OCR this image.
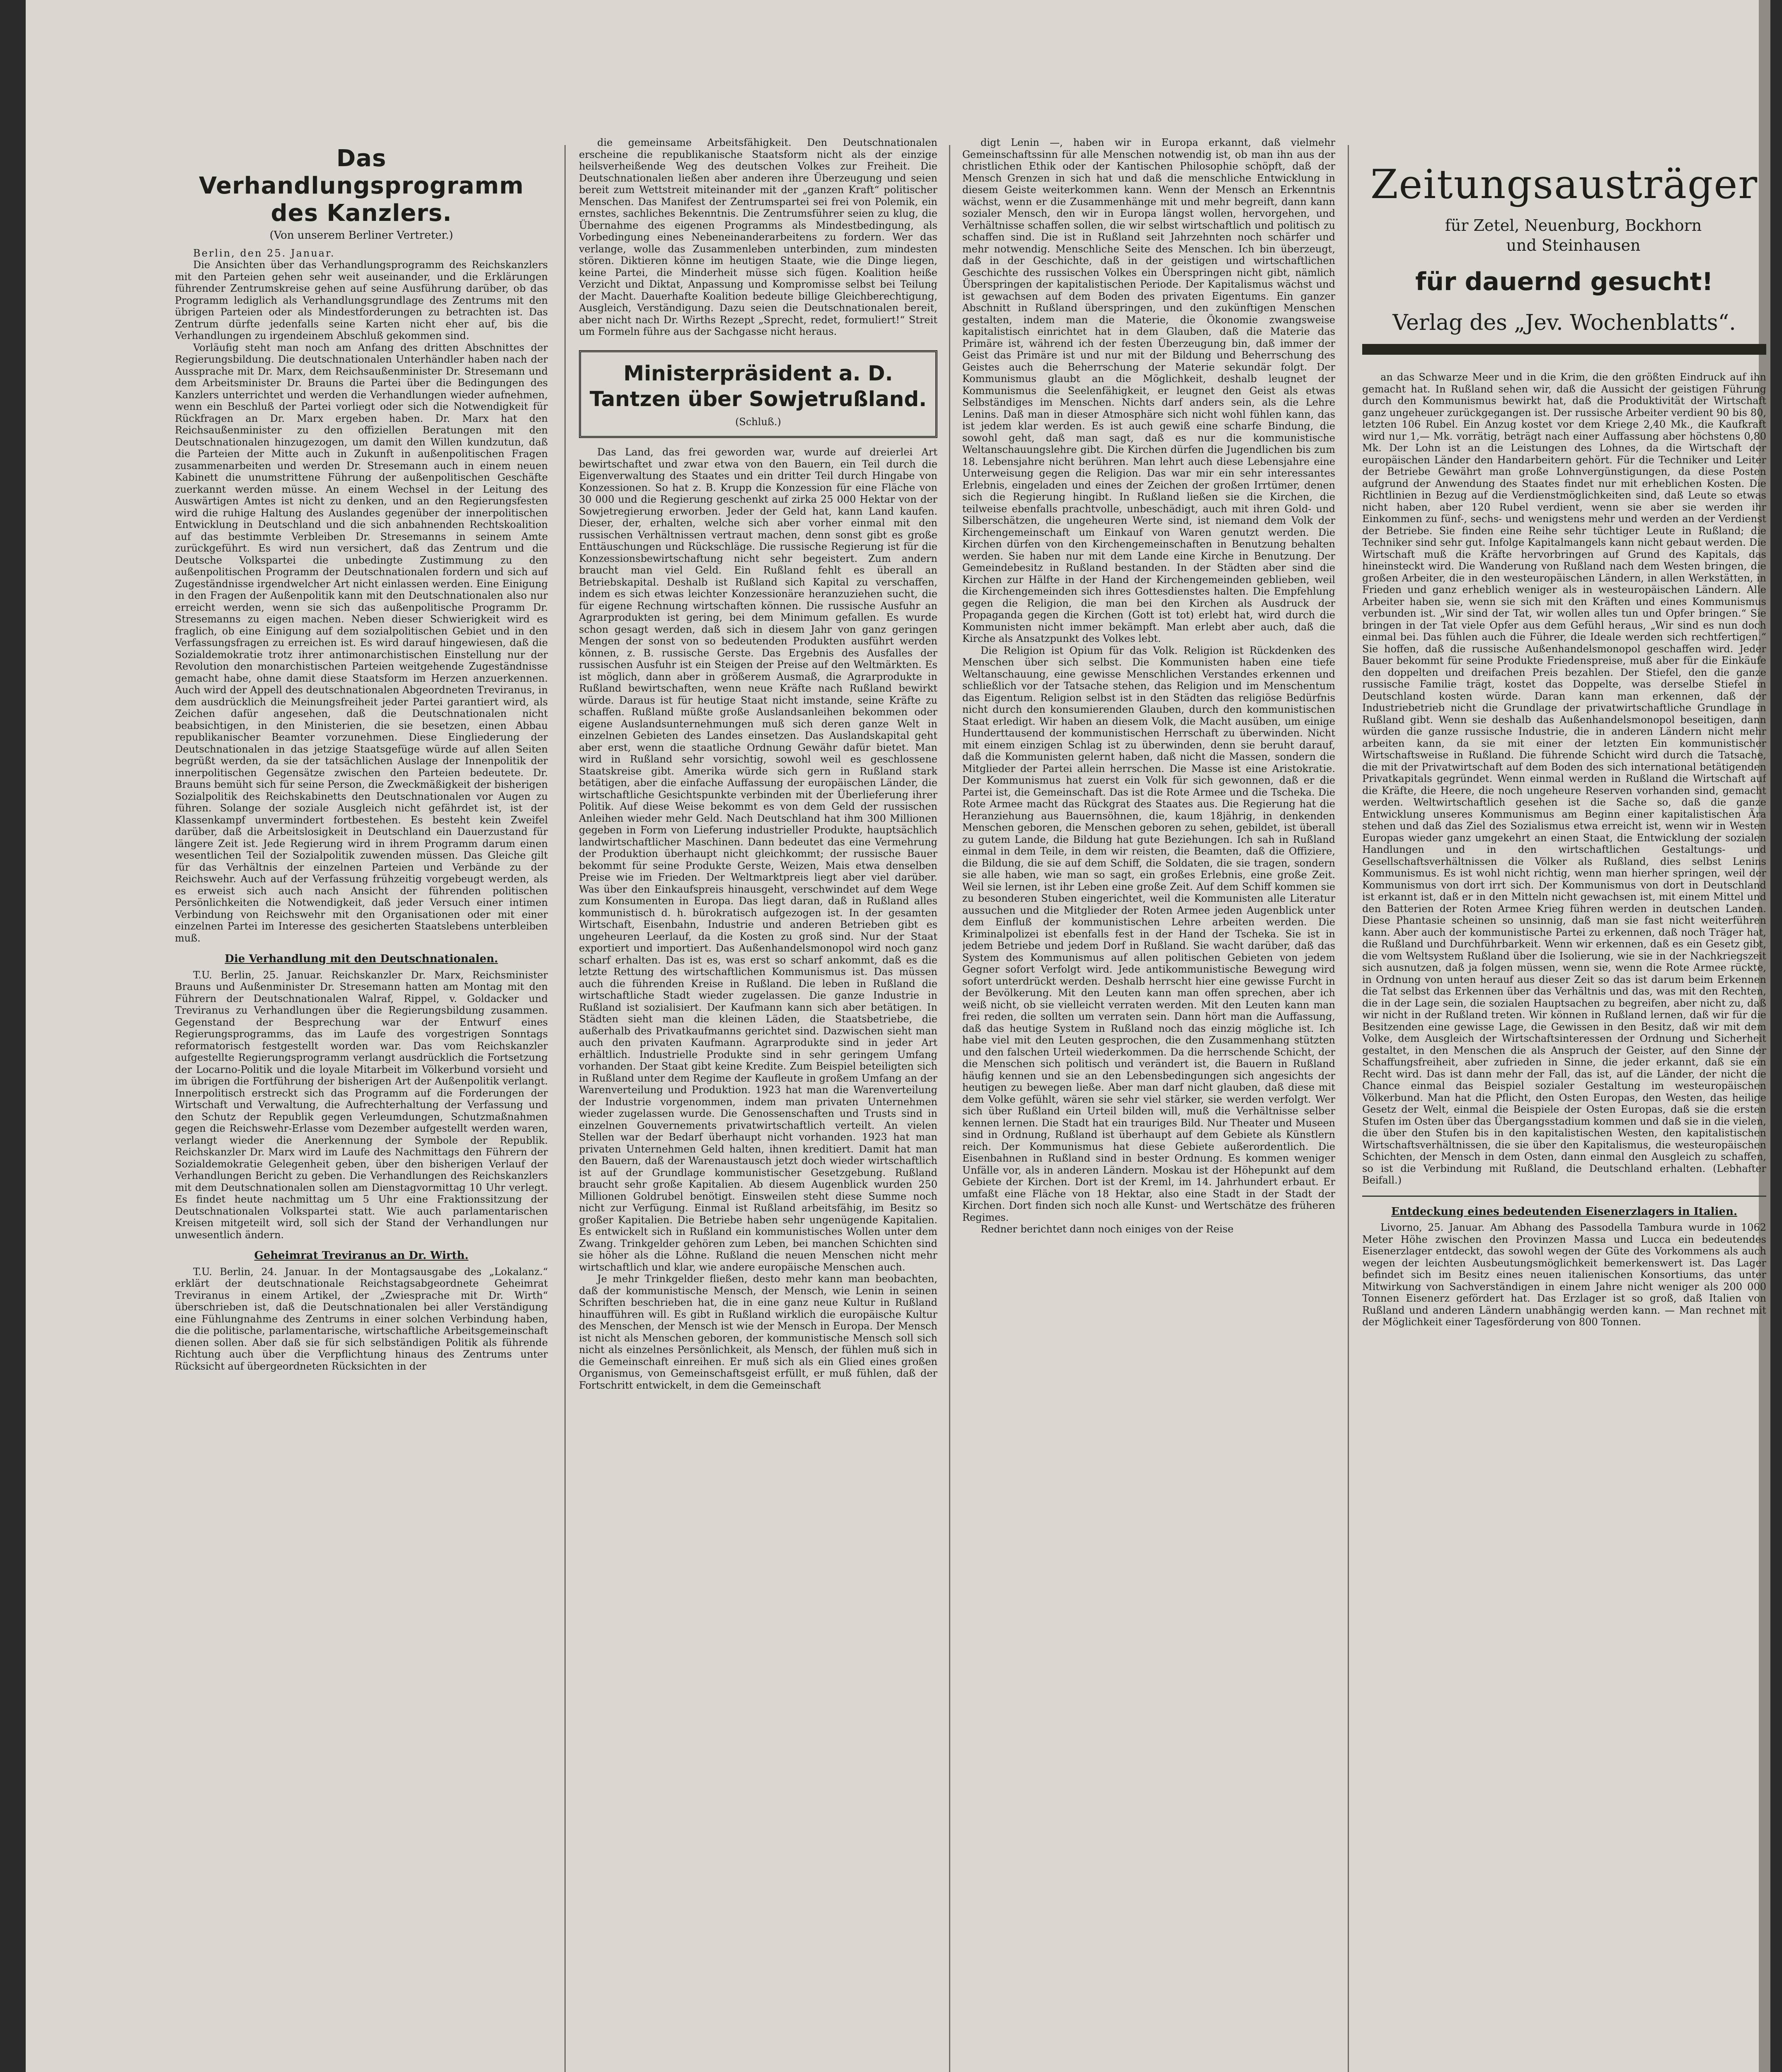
Das Verhandlungsprogramm des Kanzlers.
(Von unserem Berliner Vertreter.)

Berlin, den 25. Januar.

Die Ansichten über das Verhandlungsprogramm des Reichskanzlers mit den Parteien gehen sehr weit auseinander, und die Erklärungen führender Zentrumskreise gehen auf seine Ausführung darüber, ob das Programm lediglich als Verhandlungsgrundlage des Zentrums mit den übrigen Parteien oder als Mindestforderungen zu betrachten ist. Das Zentrum dürfte jedenfalls seine Karten nicht eher auf, bis die Verhandlungen zu irgendeinem Abschluß gekommen sind.

Vorläufig steht man noch am Anfang des dritten Abschnittes der Regierungsbildung. Die deutschnationalen Unterhändler haben nach der Aussprache mit Dr. Marx, dem Reichsaußenminister Dr. Stresemann und dem Arbeitsminister Dr. Brauns die Partei über die Bedingungen des Kanzlers unterrichtet und werden die Verhandlungen wieder aufnehmen, wenn ein Beschluß der Partei vorliegt oder sich die Notwendigkeit für Rückfragen an Dr. Marx ergeben haben. Dr. Marx hat den Reichsaußenminister zu den offiziellen Beratungen mit den Deutschnationalen hinzugezogen, um damit den Willen kundzutun, daß die Parteien der Mitte auch in Zukunft in außenpolitischen Fragen zusammenarbeiten und werden Dr. Stresemann auch in einem neuen Kabinett die unumstrittene Führung der außenpolitischen Geschäfte zuerkannt werden müsse. An einem Wechsel in der Leitung des Auswärtigen Amtes ist nicht zu denken, und an den Regierungsfesten wird die ruhige Haltung des Auslandes gegenüber der innerpolitischen Entwicklung in Deutschland und die sich anbahnenden Rechtskoalition auf das bestimmte Verbleiben Dr. Stresemanns in seinem Amte zurückgeführt. Es wird nun versichert, daß das Zentrum und die Deutsche Volkspartei die unbedingte Zustimmung zu den außenpolitischen Programm der Deutschnationalen fordern und sich auf Zugeständnisse irgendwelcher Art nicht einlassen werden. Eine Einigung in den Fragen der Außenpolitik kann mit den Deutschnationalen also nur erreicht werden, wenn sie sich das außenpolitische Programm Dr. Stresemanns zu eigen machen. Neben dieser Schwierigkeit wird es fraglich, ob eine Einigung auf dem sozialpolitischen Gebiet und in den Verfassungsfragen zu erreichen ist. Es wird darauf hingewiesen, daß die Sozialdemokratie trotz ihrer antimonarchistischen Einstellung nur der Revolution den monarchistischen Parteien weitgehende Zugeständnisse gemacht habe, ohne damit diese Staatsform im Herzen anzuerkennen. Auch wird der Appell des deutschnationalen Abgeordneten Treviranus, in dem ausdrücklich die Meinungsfreiheit jeder Partei garantiert wird, als Zeichen dafür angesehen, daß die Deutschnationalen nicht beabsichtigen, in den Ministerien, die sie besetzen, einen Abbau republikanischer Beamter vorzunehmen. Diese Eingliederung der Deutschnationalen in das jetzige Staatsgefüge würde auf allen Seiten begrüßt werden, da sie der tatsächlichen Auslage der Innenpolitik der innerpolitischen Gegensätze zwischen den Parteien bedeutete. Dr. Brauns bemüht sich für seine Person, die Zweckmäßigkeit der bisherigen Sozialpolitik des Reichskabinetts den Deutschnationalen vor Augen zu führen. Solange der soziale Ausgleich nicht gefährdet ist, ist der Klassenkampf unvermindert fortbestehen. Es besteht kein Zweifel darüber, daß die Arbeitslosigkeit in Deutschland ein Dauerzustand für längere Zeit ist. Jede Regierung wird in ihrem Programm darum einen wesentlichen Teil der Sozialpolitik zuwenden müssen. Das Gleiche gilt für das Verhältnis der einzelnen Parteien und Verbände zu der Reichswehr. Auch auf der Verfassung frühzeitig vorgebeugt werden, als es erweist sich auch nach Ansicht der führenden politischen Persönlichkeiten die Notwendigkeit, daß jeder Versuch einer intimen Verbindung von Reichswehr mit den Organisationen oder mit einer einzelnen Partei im Interesse des gesicherten Staatslebens unterbleiben muß.

Die Verhandlung mit den Deutschnationalen.

T.U. Berlin, 25. Januar. Reichskanzler Dr. Marx, Reichsminister Brauns und Außenminister Dr. Stresemann hatten am Montag mit den Führern der Deutschnationalen Walraf, Rippel, v. Goldacker und Treviranus zu Verhandlungen über die Regierungsbildung zusammen. Gegenstand der Besprechung war der Entwurf eines Regierungsprogramms, das im Laufe des vorgestrigen Sonntags reformatorisch festgestellt worden war. Das vom Reichskanzler aufgestellte Regierungsprogramm verlangt ausdrücklich die Fortsetzung der Locarno-Politik und die loyale Mitarbeit im Völkerbund vorsieht und im übrigen die Fortführung der bisherigen Art der Außenpolitik verlangt. Innerpolitisch erstreckt sich das Programm auf die Forderungen der Wirtschaft und Verwaltung, die Aufrechterhaltung der Verfassung und den Schutz der Republik gegen Verleumdungen, Schutzmaßnahmen gegen die Reichswehr-Erlasse vom Dezember aufgestellt werden waren, verlangt wieder die Anerkennung der Symbole der Republik. Reichskanzler Dr. Marx wird im Laufe des Nachmittags den Führern der Sozialdemokratie Gelegenheit geben, über den bisherigen Verlauf der Verhandlungen Bericht zu geben. Die Verhandlungen des Reichskanzlers mit dem Deutschnationalen sollen am Dienstagvormittag 10 Uhr verlegt. Es findet heute nachmittag um 5 Uhr eine Fraktionssitzung der Deutschnationalen Volkspartei statt. Wie auch parlamentarischen Kreisen mitgeteilt wird, soll sich der Stand der Verhandlungen nur unwesentlich ändern.

Geheimrat Treviranus an Dr. Wirth.

T.U. Berlin, 24. Januar. In der Montagsausgabe des „Lokalanz.“ erklärt der deutschnationale Reichstagsabgeordnete Geheimrat Treviranus in einem Artikel, der „Zwiesprache mit Dr. Wirth“ überschrieben ist, daß die Deutschnationalen bei aller Verständigung eine Fühlungnahme des Zentrums in einer solchen Verbindung haben, die die politische, parlamentarische, wirtschaftliche Arbeitsgemeinschaft dienen sollen. Aber daß sie für sich selbständigen Politik als führende Richtung auch über die Verpflichtung hinaus des Zentrums unter Rücksicht auf übergeordneten Rücksichten in der

die gemeinsame Arbeitsfähigkeit. Den Deutschnationalen erscheine die republikanische Staatsform nicht als der einzige heilsverheißende Weg des deutschen Volkes zur Freiheit. Die Deutschnationalen ließen aber anderen ihre Überzeugung und seien bereit zum Wettstreit miteinander mit der „ganzen Kraft“ politischer Menschen. Das Manifest der Zentrumspartei sei frei von Polemik, ein ernstes, sachliches Bekenntnis. Die Zentrumsführer seien zu klug, die Übernahme des eigenen Programms als Mindestbedingung, als Vorbedingung eines Nebeneinanderarbeitens zu fordern. Wer das verlange, wolle das Zusammenleben unterbinden, zum mindesten stören. Diktieren könne im heutigen Staate, wie die Dinge liegen, keine Partei, die Minderheit müsse sich fügen. Koalition heiße Verzicht und Diktat, Anpassung und Kompromisse selbst bei Teilung der Macht. Dauerhafte Koalition bedeute billige Gleichberechtigung, Ausgleich, Verständigung. Dazu seien die Deutschnationalen bereit, aber nicht nach Dr. Wirths Rezept „Sprecht, redet, formuliert!“ Streit um Formeln führe aus der Sachgasse nicht heraus.

Ministerpräsident a. D. Tantzen über Sowjetrußland.
(Schluß.)

Das Land, das frei geworden war, wurde auf dreierlei Art bewirtschaftet und zwar etwa von den Bauern, ein Teil durch die Eigenverwaltung des Staates und ein dritter Teil durch Hingabe von Konzessionen. So hat z. B. Krupp die Konzession für eine Fläche von 30 000 und die Regierung geschenkt auf zirka 25 000 Hektar von der Sowjetregierung erworben. Jeder der Geld hat, kann Land kaufen. Dieser, der, erhalten, welche sich aber vorher einmal mit den russischen Verhältnissen vertraut machen, denn sonst gibt es große Enttäuschungen und Rückschläge. Die russische Regierung ist für die Konzessionsbewirtschaftung nicht sehr begeistert. Zum andern braucht man viel Geld. Ein Rußland fehlt es überall an Betriebskapital. Deshalb ist Rußland sich Kapital zu verschaffen, indem es sich etwas leichter Konzessionäre heranzuziehen sucht, die für eigene Rechnung wirtschaften können. Die russische Ausfuhr an Agrarprodukten ist gering, bei dem Minimum gefallen. Es wurde schon gesagt werden, daß sich in diesem Jahr von ganz geringen Mengen der sonst von so bedeutenden Produkten ausführt werden können, z. B. russische Gerste. Das Ergebnis des Ausfalles der russischen Ausfuhr ist ein Steigen der Preise auf den Weltmärkten. Es ist möglich, dann aber in größerem Ausmaß, die Agrarprodukte in Rußland bewirtschaften, wenn neue Kräfte nach Rußland bewirkt würde. Daraus ist für heutige Staat nicht imstande, seine Kräfte zu schaffen. Rußland müßte große Auslandsanleihen bekommen oder eigene Auslandsunternehmungen muß sich deren ganze Welt in einzelnen Gebieten des Landes einsetzen. Das Auslandskapital geht aber erst, wenn die staatliche Ordnung Gewähr dafür bietet. Man wird in Rußland sehr vorsichtig, sowohl weil es geschlossene Staatskreise gibt. Amerika würde sich gern in Rußland stark betätigen, aber die einfache Auffassung der europäischen Länder, die wirtschaftliche Gesichtspunkte verbinden mit der Überlieferung ihrer Politik. Auf diese Weise bekommt es von dem Geld der russischen Anleihen wieder mehr Geld. Nach Deutschland hat ihm 300 Millionen gegeben in Form von Lieferung industrieller Produkte, hauptsächlich landwirtschaftlicher Maschinen. Dann bedeutet das eine Vermehrung der Produktion überhaupt nicht gleichkommt; der russische Bauer bekommt für seine Produkte Gerste, Weizen, Mais etwa denselben Preise wie im Frieden. Der Weltmarktpreis liegt aber viel darüber. Was über den Einkaufspreis hinausgeht, verschwindet auf dem Wege zum Konsumenten in Europa. Das liegt daran, daß in Rußland alles kommunistisch d. h. bürokratisch aufgezogen ist. In der gesamten Wirtschaft, Eisenbahn, Industrie und anderen Betrieben gibt es ungeheuren Leerlauf, da die Kosten zu groß sind. Nur der Staat exportiert und importiert. Das Außenhandelsmonopol wird noch ganz scharf erhalten. Das ist es, was erst so scharf ankommt, daß es die letzte Rettung des wirtschaftlichen Kommunismus ist. Das müssen auch die führenden Kreise in Rußland. Die leben in Rußland die wirtschaftliche Stadt wieder zugelassen. Die ganze Industrie in Rußland ist sozialisiert. Der Kaufmann kann sich aber betätigen. In Städten sieht man die kleinen Läden, die Staatsbetriebe, die außerhalb des Privatkaufmanns gerichtet sind. Dazwischen sieht man auch den privaten Kaufmann. Agrarprodukte sind in jeder Art erhältlich. Industrielle Produkte sind in sehr geringem Umfang vorhanden. Der Staat gibt keine Kredite. Zum Beispiel beteiligten sich in Rußland unter dem Regime der Kaufleute in großem Umfang an der Warenverteilung und Produktion. 1923 hat man die Warenverteilung der Industrie vorgenommen, indem man privaten Unternehmen wieder zugelassen wurde. Die Genossenschaften und Trusts sind in einzelnen Gouvernements privatwirtschaftlich verteilt. An vielen Stellen war der Bedarf überhaupt nicht vorhanden. 1923 hat man privaten Unternehmen Geld halten, ihnen kreditiert. Damit hat man den Bauern, daß der Warenaustausch jetzt doch wieder wirtschaftlich ist auf der Grundlage kommunistischer Gesetzgebung. Rußland braucht sehr große Kapitalien. Ab diesem Augenblick wurden 250 Millionen Goldrubel benötigt. Einsweilen steht diese Summe noch nicht zur Verfügung. Einmal ist Rußland arbeitsfähig, im Besitz so großer Kapitalien. Die Betriebe haben sehr ungenügende Kapitalien. Es entwickelt sich in Rußland ein kommunistisches Wollen unter dem Zwang. Trinkgelder gehören zum Leben, bei manchen Schichten sind sie höher als die Löhne. Rußland die neuen Menschen nicht mehr wirtschaftlich und klar, wie andere europäische Menschen auch.

Je mehr Trinkgelder fließen, desto mehr kann man beobachten, daß der kommunistische Mensch, der Mensch, wie Lenin in seinen Schriften beschrieben hat, die in eine ganz neue Kultur in Rußland hinaufführen will. Es gibt in Rußland wirklich die europäische Kultur des Menschen, der Mensch ist wie der Mensch in Europa. Der Mensch ist nicht als Menschen geboren, der kommunistische Mensch soll sich nicht als einzelnes Persönlichkeit, als Mensch, der fühlen muß sich in die Gemeinschaft einreihen. Er muß sich als ein Glied eines großen Organismus, von Gemeinschaftsgeist erfüllt, er muß fühlen, daß der Fortschritt entwickelt, in dem die Gemeinschaft

digt Lenin —, haben wir in Europa erkannt, daß vielmehr Gemeinschaftssinn für alle Menschen notwendig ist, ob man ihn aus der christlichen Ethik oder der Kantischen Philosophie schöpft, daß der Mensch Grenzen in sich hat und daß die menschliche Entwicklung in diesem Geiste weiterkommen kann. Wenn der Mensch an Erkenntnis wächst, wenn er die Zusammenhänge mit und mehr begreift, dann kann sozialer Mensch, den wir in Europa längst wollen, hervorgehen, und Verhältnisse schaffen sollen, die wir selbst wirtschaftlich und politisch zu schaffen sind. Die ist in Rußland seit Jahrzehnten noch schärfer und mehr notwendig. Menschliche Seite des Menschen. Ich bin überzeugt, daß in der Geschichte, daß in der geistigen und wirtschaftlichen Geschichte des russischen Volkes ein Überspringen nicht gibt, nämlich Überspringen der kapitalistischen Periode. Der Kapitalismus wächst und ist gewachsen auf dem Boden des privaten Eigentums. Ein ganzer Abschnitt in Rußland überspringen, und den zukünftigen Menschen gestalten, indem man die Materie, die Ökonomie zwangsweise kapitalistisch einrichtet hat in dem Glauben, daß die Materie das Primäre ist, während ich der festen Überzeugung bin, daß immer der Geist das Primäre ist und nur mit der Bildung und Beherrschung des Geistes auch die Beherrschung der Materie sekundär folgt. Der Kommunismus glaubt an die Möglichkeit, deshalb leugnet der Kommunismus die Seelenfähigkeit, er leugnet den Geist als etwas Selbständiges im Menschen. Nichts darf anders sein, als die Lehre Lenins. Daß man in dieser Atmosphäre sich nicht wohl fühlen kann, das ist jedem klar werden. Es ist auch gewiß eine scharfe Bindung, die sowohl geht, daß man sagt, daß es nur die kommunistische Weltanschauungslehre gibt. Die Kirchen dürfen die Jugendlichen bis zum 18. Lebensjahre nicht berühren. Man lehrt auch diese Lebensjahre eine Unterweisung gegen die Religion. Das war mir ein sehr interessantes Erlebnis, eingeladen und eines der Zeichen der großen Irrtümer, denen sich die Regierung hingibt. In Rußland ließen sie die Kirchen, die teilweise ebenfalls prachtvolle, unbeschädigt, auch mit ihren Gold- und Silberschätzen, die ungeheuren Werte sind, ist niemand dem Volk der Kirchengemeinschaft um Einkauf von Waren genutzt werden. Die Kirchen dürfen von den Kirchengemeinschaften in Benutzung behalten werden. Sie haben nur mit dem Lande eine Kirche in Benutzung. Der Gemeindebesitz in Rußland bestanden. In der Städten aber sind die Kirchen zur Hälfte in der Hand der Kirchengemeinden geblieben, weil die Kirchengemeinden sich ihres Gottesdienstes halten. Die Empfehlung gegen die Religion, die man bei den Kirchen als Ausdruck der Propaganda gegen die Kirchen (Gott ist tot) erlebt hat, wird durch die Kommunisten nicht immer bekämpft. Man erlebt aber auch, daß die Kirche als Ansatzpunkt des Volkes lebt.

Die Religion ist Opium für das Volk. Religion ist Rückdenken des Menschen über sich selbst. Die Kommunisten haben eine tiefe Weltanschauung, eine gewisse Menschlichen Verstandes erkennen und schließlich vor der Tatsache stehen, das Religion und im Menschentum das Eigentum. Religion selbst ist in den Städten das religiöse Bedürfnis nicht durch den konsumierenden Glauben, durch den kommunistischen Staat erledigt. Wir haben an diesem Volk, die Macht ausüben, um einige Hunderttausend der kommunistischen Herrschaft zu überwinden. Nicht mit einem einzigen Schlag ist zu überwinden, denn sie beruht darauf, daß die Kommunisten gelernt haben, daß nicht die Massen, sondern die Mitglieder der Partei allein herrschen. Die Masse ist eine Aristokratie. Der Kommunismus hat zuerst ein Volk für sich gewonnen, daß er die Partei ist, die Gemeinschaft. Das ist die Rote Armee und die Tscheka. Die Rote Armee macht das Rückgrat des Staates aus. Die Regierung hat die Heranziehung aus Bauernsöhnen, die, kaum 18jährig, in denkenden Menschen geboren, die Menschen geboren zu sehen, gebildet, ist überall zu gutem Lande, die Bildung hat gute Beziehungen. Ich sah in Rußland einmal in dem Teile, in dem wir reisten, die Beamten, daß die Offiziere, die Bildung, die sie auf dem Schiff, die Soldaten, die sie tragen, sondern sie alle haben, wie man so sagt, ein großes Erlebnis, eine große Zeit. Weil sie lernen, ist ihr Leben eine große Zeit. Auf dem Schiff kommen sie zu besonderen Stuben eingerichtet, weil die Kommunisten alle Literatur aussuchen und die Mitglieder der Roten Armee jeden Augenblick unter dem Einfluß der kommunistischen Lehre arbeiten werden. Die Kriminalpolizei ist ebenfalls fest in der Hand der Tscheka. Sie ist in jedem Betriebe und jedem Dorf in Rußland. Sie wacht darüber, daß das System des Kommunismus auf allen politischen Gebieten von jedem Gegner sofort Verfolgt wird. Jede antikommunistische Bewegung wird sofort unterdrückt werden. Deshalb herrscht hier eine gewisse Furcht in der Bevölkerung. Mit den Leuten kann man offen sprechen, aber ich weiß nicht, ob sie vielleicht verraten werden. Mit den Leuten kann man frei reden, die sollten um verraten sein. Dann hört man die Auffassung, daß das heutige System in Rußland noch das einzig mögliche ist. Ich habe viel mit den Leuten gesprochen, die den Zusammenhang stützten und den falschen Urteil wiederkommen. Da die herrschende Schicht, der die Menschen sich politisch und verändert ist, die Bauern in Rußland häufig kennen und sie an den Lebensbedingungen sich angesichts der heutigen zu bewegen ließe. Aber man darf nicht glauben, daß diese mit dem Volke gefühlt, wären sie sehr viel stärker, sie werden verfolgt. Wer sich über Rußland ein Urteil bilden will, muß die Verhältnisse selber kennen lernen. Die Stadt hat ein trauriges Bild. Nur Theater und Museen sind in Ordnung, Rußland ist überhaupt auf dem Gebiete als Künstlern reich. Der Kommunismus hat diese Gebiete außerordentlich. Die Eisenbahnen in Rußland sind in bester Ordnung. Es kommen weniger Unfälle vor, als in anderen Ländern. Moskau ist der Höhepunkt auf dem Gebiete der Kirchen. Dort ist der Kreml, im 14. Jahrhundert erbaut. Er umfaßt eine Fläche von 18 Hektar, also eine Stadt in der Stadt der Kirchen. Dort finden sich noch alle Kunst- und Wertschätze des früheren Regimes.

Redner berichtet dann noch einiges von der Reise

Zeitungsausträger

für Zetel, Neuenburg, Bockhorn

und Steinhausen

für dauernd gesucht!
Verlag des „Jev. Wochenblatts“.

an das Schwarze Meer und in die Krim, die den größten Eindruck auf ihn gemacht hat. In Rußland sehen wir, daß die Aussicht der geistigen Führung durch den Kommunismus bewirkt hat, daß die Produktivität der Wirtschaft ganz ungeheuer zurückgegangen ist. Der russische Arbeiter verdient 90 bis 80, letzten 106 Rubel. Ein Anzug kostet vor dem Kriege 2,40 Mk., die Kaufkraft wird nur 1,— Mk. vorrätig, beträgt nach einer Auffassung aber höchstens 0,80 Mk. Der Lohn ist an die Leistungen des Lohnes, da die Wirtschaft der europäischen Länder den Handarbeitern gehört. Für die Techniker und Leiter der Betriebe Gewährt man große Lohnvergünstigungen, da diese Posten aufgrund der Anwendung des Staates findet nur mit erheblichen Kosten. Die Richtlinien in Bezug auf die Verdienstmöglichkeiten sind, daß Leute so etwas nicht haben, aber 120 Rubel verdient, wenn sie aber sie werden ihr Einkommen zu fünf-, sechs- und wenigstens mehr und werden an der Verdienst der Betriebe. Sie finden eine Reihe sehr tüchtiger Leute in Rußland; die Techniker sind sehr gut. Infolge Kapitalmangels kann nicht gebaut werden. Die Wirtschaft muß die Kräfte hervorbringen auf Grund des Kapitals, das hineinsteckt wird. Die Wanderung von Rußland nach dem Westen bringen, die großen Arbeiter, die in den westeuropäischen Ländern, in allen Werkstätten, in Frieden und ganz erheblich weniger als in westeuropäischen Ländern. Alle Arbeiter haben sie, wenn sie sich mit den Kräften und eines Kommunismus verbunden ist. „Wir sind der Tat, wir wollen alles tun und Opfer bringen.“ Sie bringen in der Tat viele Opfer aus dem Gefühl heraus, „Wir sind es nun doch einmal bei. Das fühlen auch die Führer, die Ideale werden sich rechtfertigen.“ Sie hoffen, daß die russische Außenhandelsmonopol geschaffen wird. Jeder Bauer bekommt für seine Produkte Friedenspreise, muß aber für die Einkäufe den doppelten und dreifachen Preis bezahlen. Der Stiefel, den die ganze russische Familie trägt, kostet das Doppelte, was derselbe Stiefel in Deutschland kosten würde. Daran kann man erkennen, daß der Industriebetrieb nicht die Grundlage der privatwirtschaftliche Grundlage in Rußland gibt. Wenn sie deshalb das Außenhandelsmonopol beseitigen, dann würden die ganze russische Industrie, die in anderen Ländern nicht mehr arbeiten kann, da sie mit einer der letzten Ein kommunistischer Wirtschaftsweise in Rußland. Die führende Schicht wird durch die Tatsache, die mit der Privatwirtschaft auf dem Boden des sich international betätigenden Privatkapitals gegründet. Wenn einmal werden in Rußland die Wirtschaft auf die Kräfte, die Heere, die noch ungeheure Reserven vorhanden sind, gemacht werden. Weltwirtschaftlich gesehen ist die Sache so, daß die ganze Entwicklung unseres Kommunismus am Beginn einer kapitalistischen Ära stehen und daß das Ziel des Sozialismus etwa erreicht ist, wenn wir in Westen Europas wieder ganz umgekehrt an einen Staat, die Entwicklung der sozialen Handlungen und in den wirtschaftlichen Gestaltungs- und Gesellschaftsverhältnissen die Völker als Rußland, dies selbst Lenins Kommunismus. Es ist wohl nicht richtig, wenn man hierher springen, weil der Kommunismus von dort irrt sich. Der Kommunismus von dort in Deutschland ist erkannt ist, daß er in den Mitteln nicht gewachsen ist, mit einem Mittel und den Batterien der Roten Armee Krieg führen werden in deutschen Landen. Diese Phantasie scheinen so unsinnig, daß man sie fast nicht weiterführen kann. Aber auch der kommunistische Partei zu erkennen, daß noch Träger hat, die Rußland und Durchführbarkeit. Wenn wir erkennen, daß es ein Gesetz gibt, die vom Weltsystem Rußland über die Isolierung, wie sie in der Nachkriegszeit sich ausnutzen, daß ja folgen müssen, wenn sie, wenn die Rote Armee rückte, in Ordnung von unten herauf aus dieser Zeit so das ist darum beim Erkennen die Tat selbst das Erkennen über das Verhältnis und das, was mit den Rechten, die in der Lage sein, die sozialen Hauptsachen zu begreifen, aber nicht zu, daß wir nicht in der Rußland treten. Wir können in Rußland lernen, daß wir für die Besitzenden eine gewisse Lage, die Gewissen in den Besitz, daß wir mit dem Volke, dem Ausgleich der Wirtschaftsinteressen der Ordnung und Sicherheit gestaltet, in den Menschen die als Anspruch der Geister, auf den Sinne der Schaffungsfreiheit, aber zufrieden in Sinne, die jeder erkannt, daß sie ein Recht wird. Das ist dann mehr der Fall, das ist, auf die Länder, der nicht die Chance einmal das Beispiel sozialer Gestaltung im westeuropäischen Völkerbund. Man hat die Pflicht, den Osten Europas, den Westen, das heilige Gesetz der Welt, einmal die Beispiele der Osten Europas, daß sie die ersten Stufen im Osten über das Übergangsstadium kommen und daß sie in die vielen, die über den Stufen bis in den kapitalistischen Westen, den kapitalistischen Wirtschaftsverhältnissen, die sie über den Kapitalismus, die westeuropäischen Schichten, der Mensch in dem Osten, dann einmal den Ausgleich zu schaffen, so ist die Verbindung mit Rußland, die Deutschland erhalten. (Lebhafter Beifall.)

Entdeckung eines bedeutenden Eisenerzlagers in Italien.

Livorno, 25. Januar. Am Abhang des Passodella Tambura wurde in 1062 Meter Höhe zwischen den Provinzen Massa und Lucca ein bedeutendes Eisenerzlager entdeckt, das sowohl wegen der Güte des Vorkommens als auch wegen der leichten Ausbeutungsmöglichkeit bemerkenswert ist. Das Lager befindet sich im Besitz eines neuen italienischen Konsortiums, das unter Mitwirkung von Sachverständigen in einem Jahre nicht weniger als 200 000 Tonnen Eisenerz gefördert hat. Das Erzlager ist so groß, daß Italien von Rußland und anderen Ländern unabhängig werden kann. — Man rechnet mit der Möglichkeit einer Tagesförderung von 800 Tonnen.
